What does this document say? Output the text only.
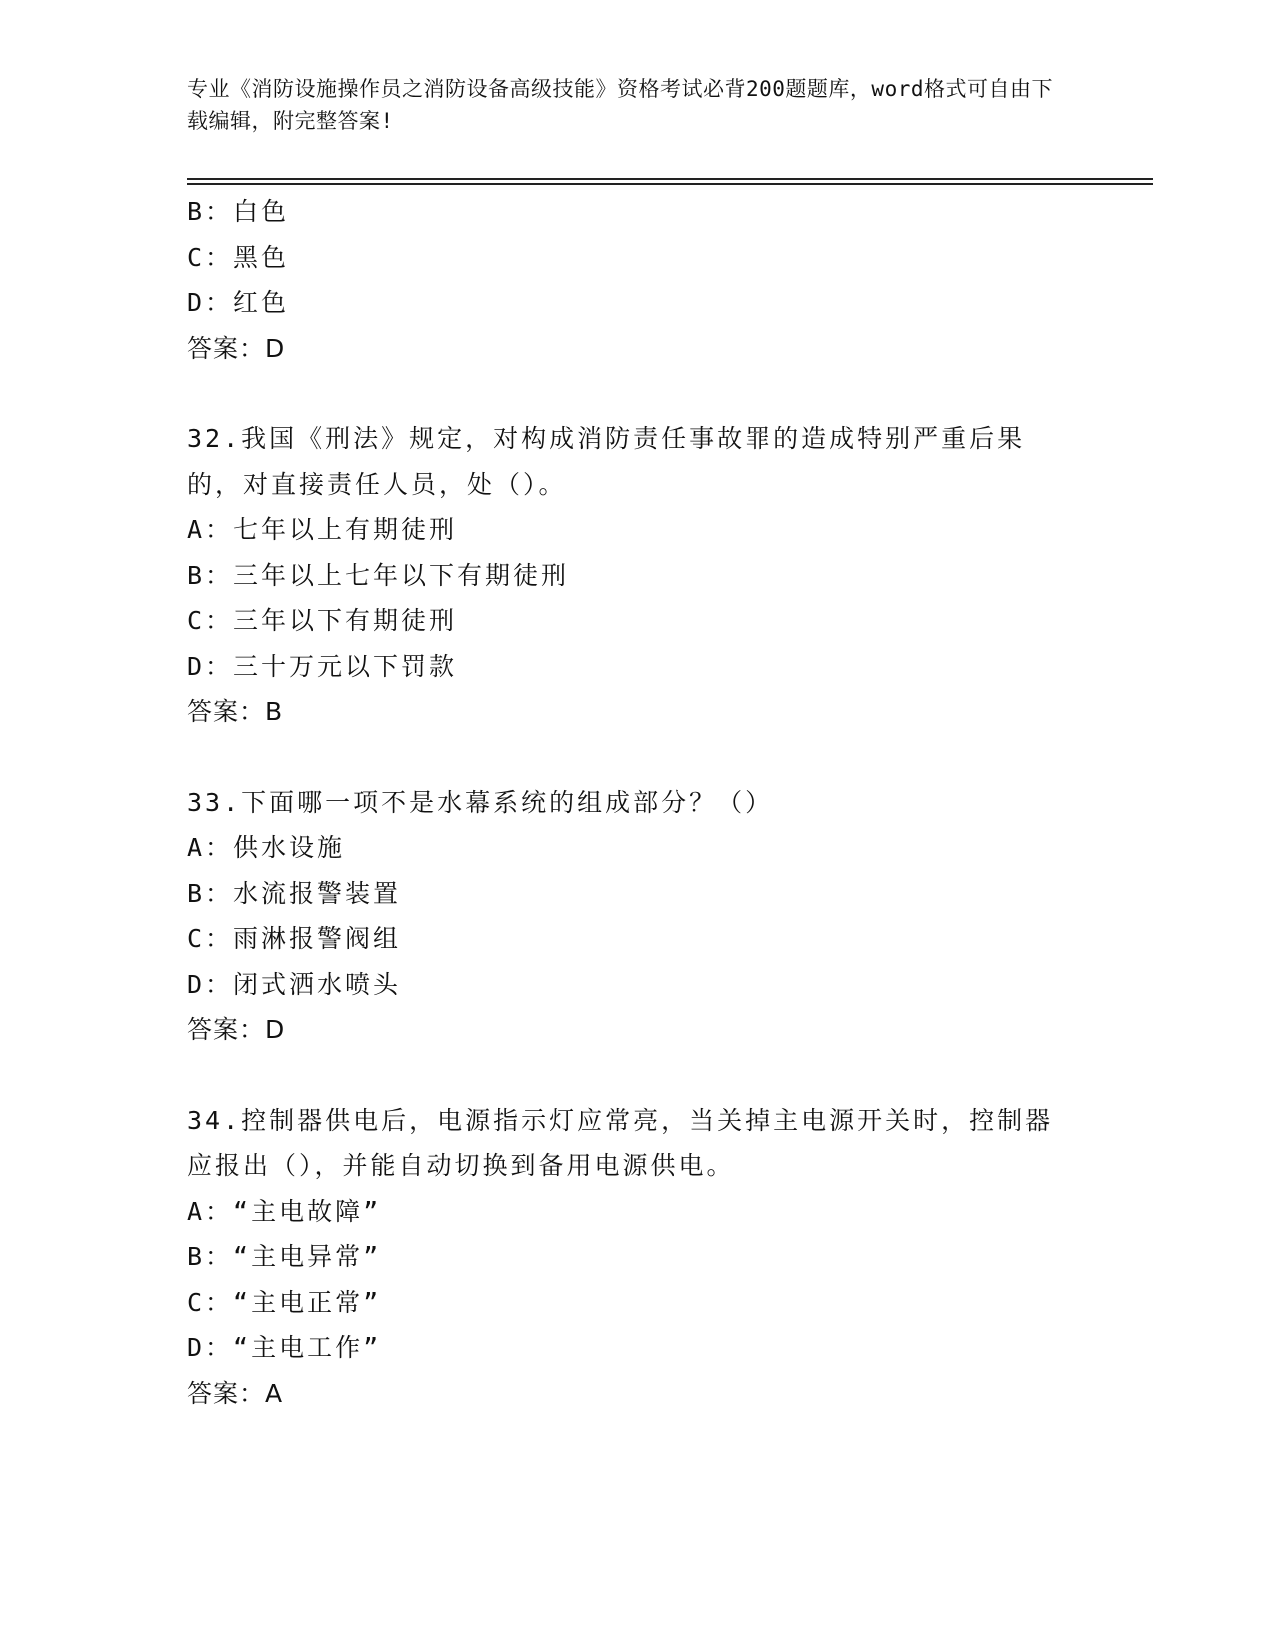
专业《消防设施操作员之消防设备高级技能》资格考试必背200题题库，word格式可自由下载编辑，附完整答案!
B：白色
C：黑色
D：红色
答案：D
32.我国《刑法》规定，对构成消防责任事故罪的造成特别严重后果的，对直接责任人员，处（）。
A：七年以上有期徒刑
B：三年以上七年以下有期徒刑
C：三年以下有期徒刑
D：三十万元以下罚款
答案：B
33.下面哪一项不是水幕系统的组成部分？（）
A：供水设施
B：水流报警装置
C：雨淋报警阀组
D：闭式洒水喷头
答案：D
34.控制器供电后，电源指示灯应常亮，当关掉主电源开关时，控制器应报出（），并能自动切换到备用电源供电。
A：“主电故障”
B：“主电异常”
C：“主电正常”
D：“主电工作”
答案：A
